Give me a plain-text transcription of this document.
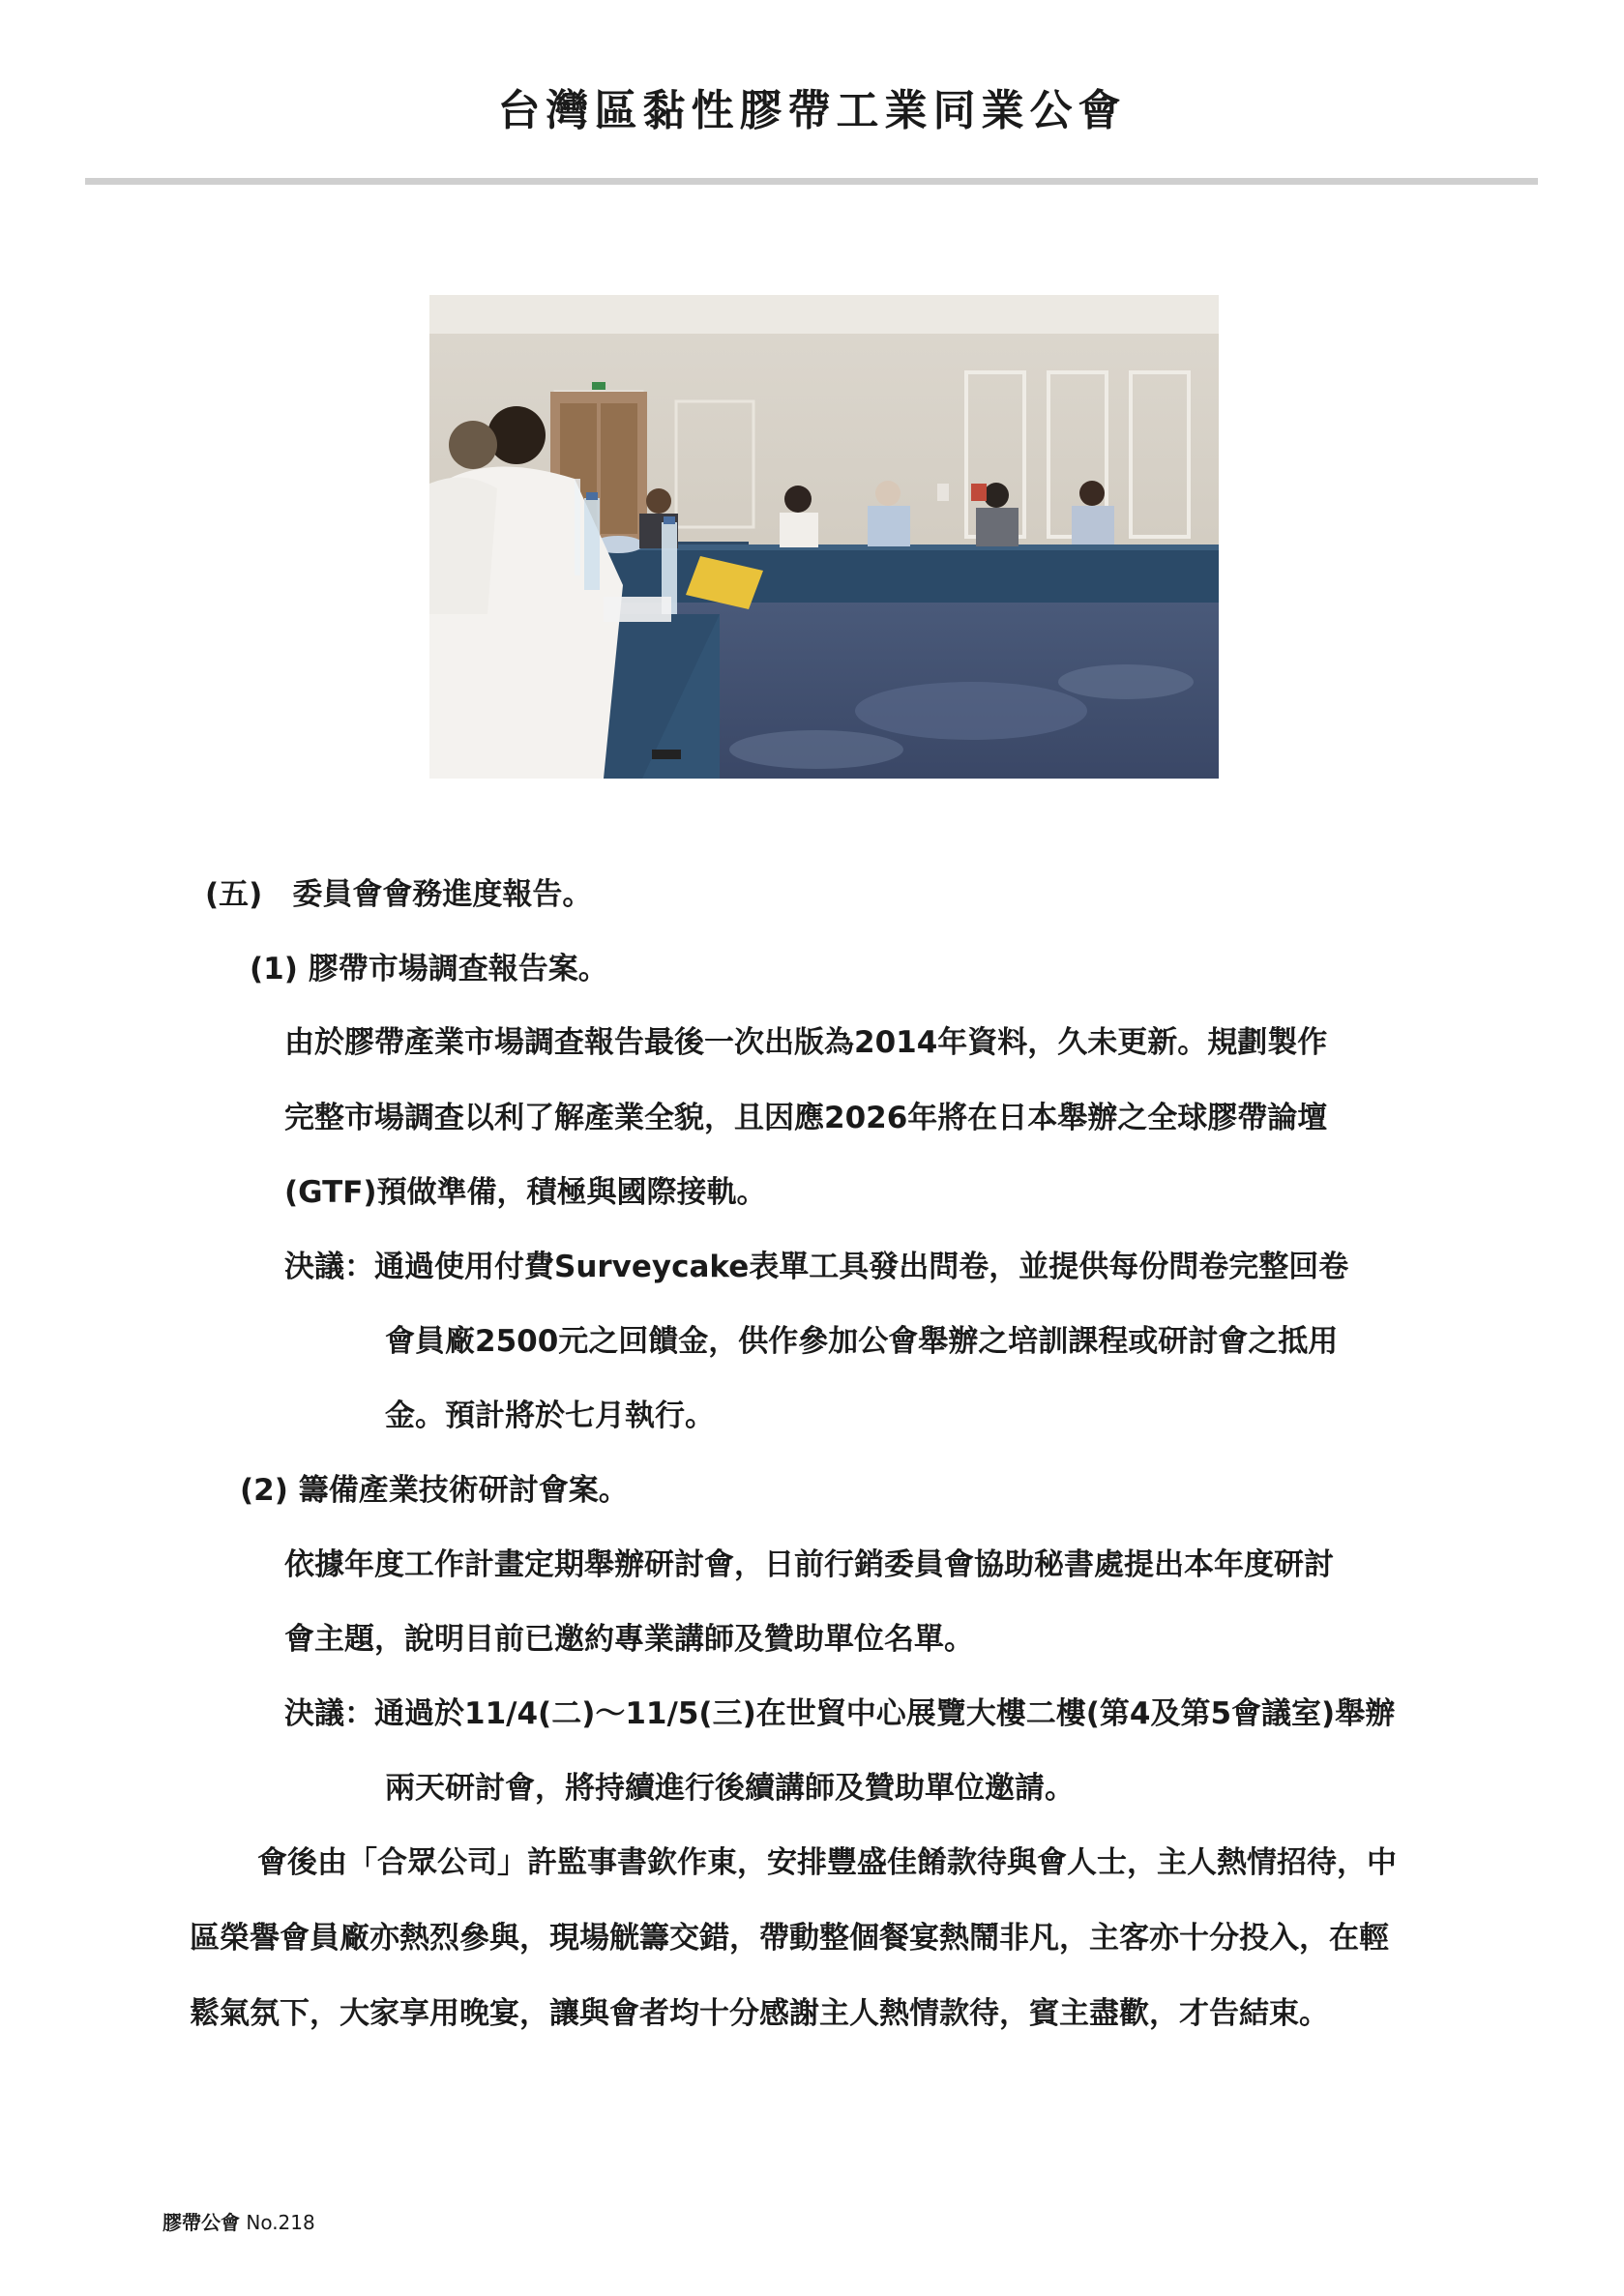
台灣區黏性膠帶工業同業公會
(五)　委員會會務進度報告。
(1) 膠帶市場調查報告案。
由於膠帶產業市場調查報告最後一次出版為2014年資料，久未更新。規劃製作
完整市場調查以利了解產業全貌，且因應2026年將在日本舉辦之全球膠帶論壇
(GTF)預做準備，積極與國際接軌。
決議：通過使用付費Surveycake表單工具發出問卷，並提供每份問卷完整回卷
會員廠2500元之回饋金，供作參加公會舉辦之培訓課程或研討會之抵用
金。預計將於七月執行。
(2) 籌備產業技術研討會案。
依據年度工作計畫定期舉辦研討會，日前行銷委員會協助秘書處提出本年度研討
會主題，說明目前已邀約專業講師及贊助單位名單。
決議：通過於11/4(二)～11/5(三)在世貿中心展覽大樓二樓(第4及第5會議室)舉辦
兩天研討會，將持續進行後續講師及贊助單位邀請。
會後由「合眾公司」許監事書欽作東，安排豐盛佳餚款待與會人士，主人熱情招待，中
區榮譽會員廠亦熱烈參與，現場觥籌交錯，帶動整個餐宴熱鬧非凡，主客亦十分投入，在輕
鬆氣氛下，大家享用晚宴，讓與會者均十分感謝主人熱情款待，賓主盡歡，才告結束。
膠帶公會 No.218
